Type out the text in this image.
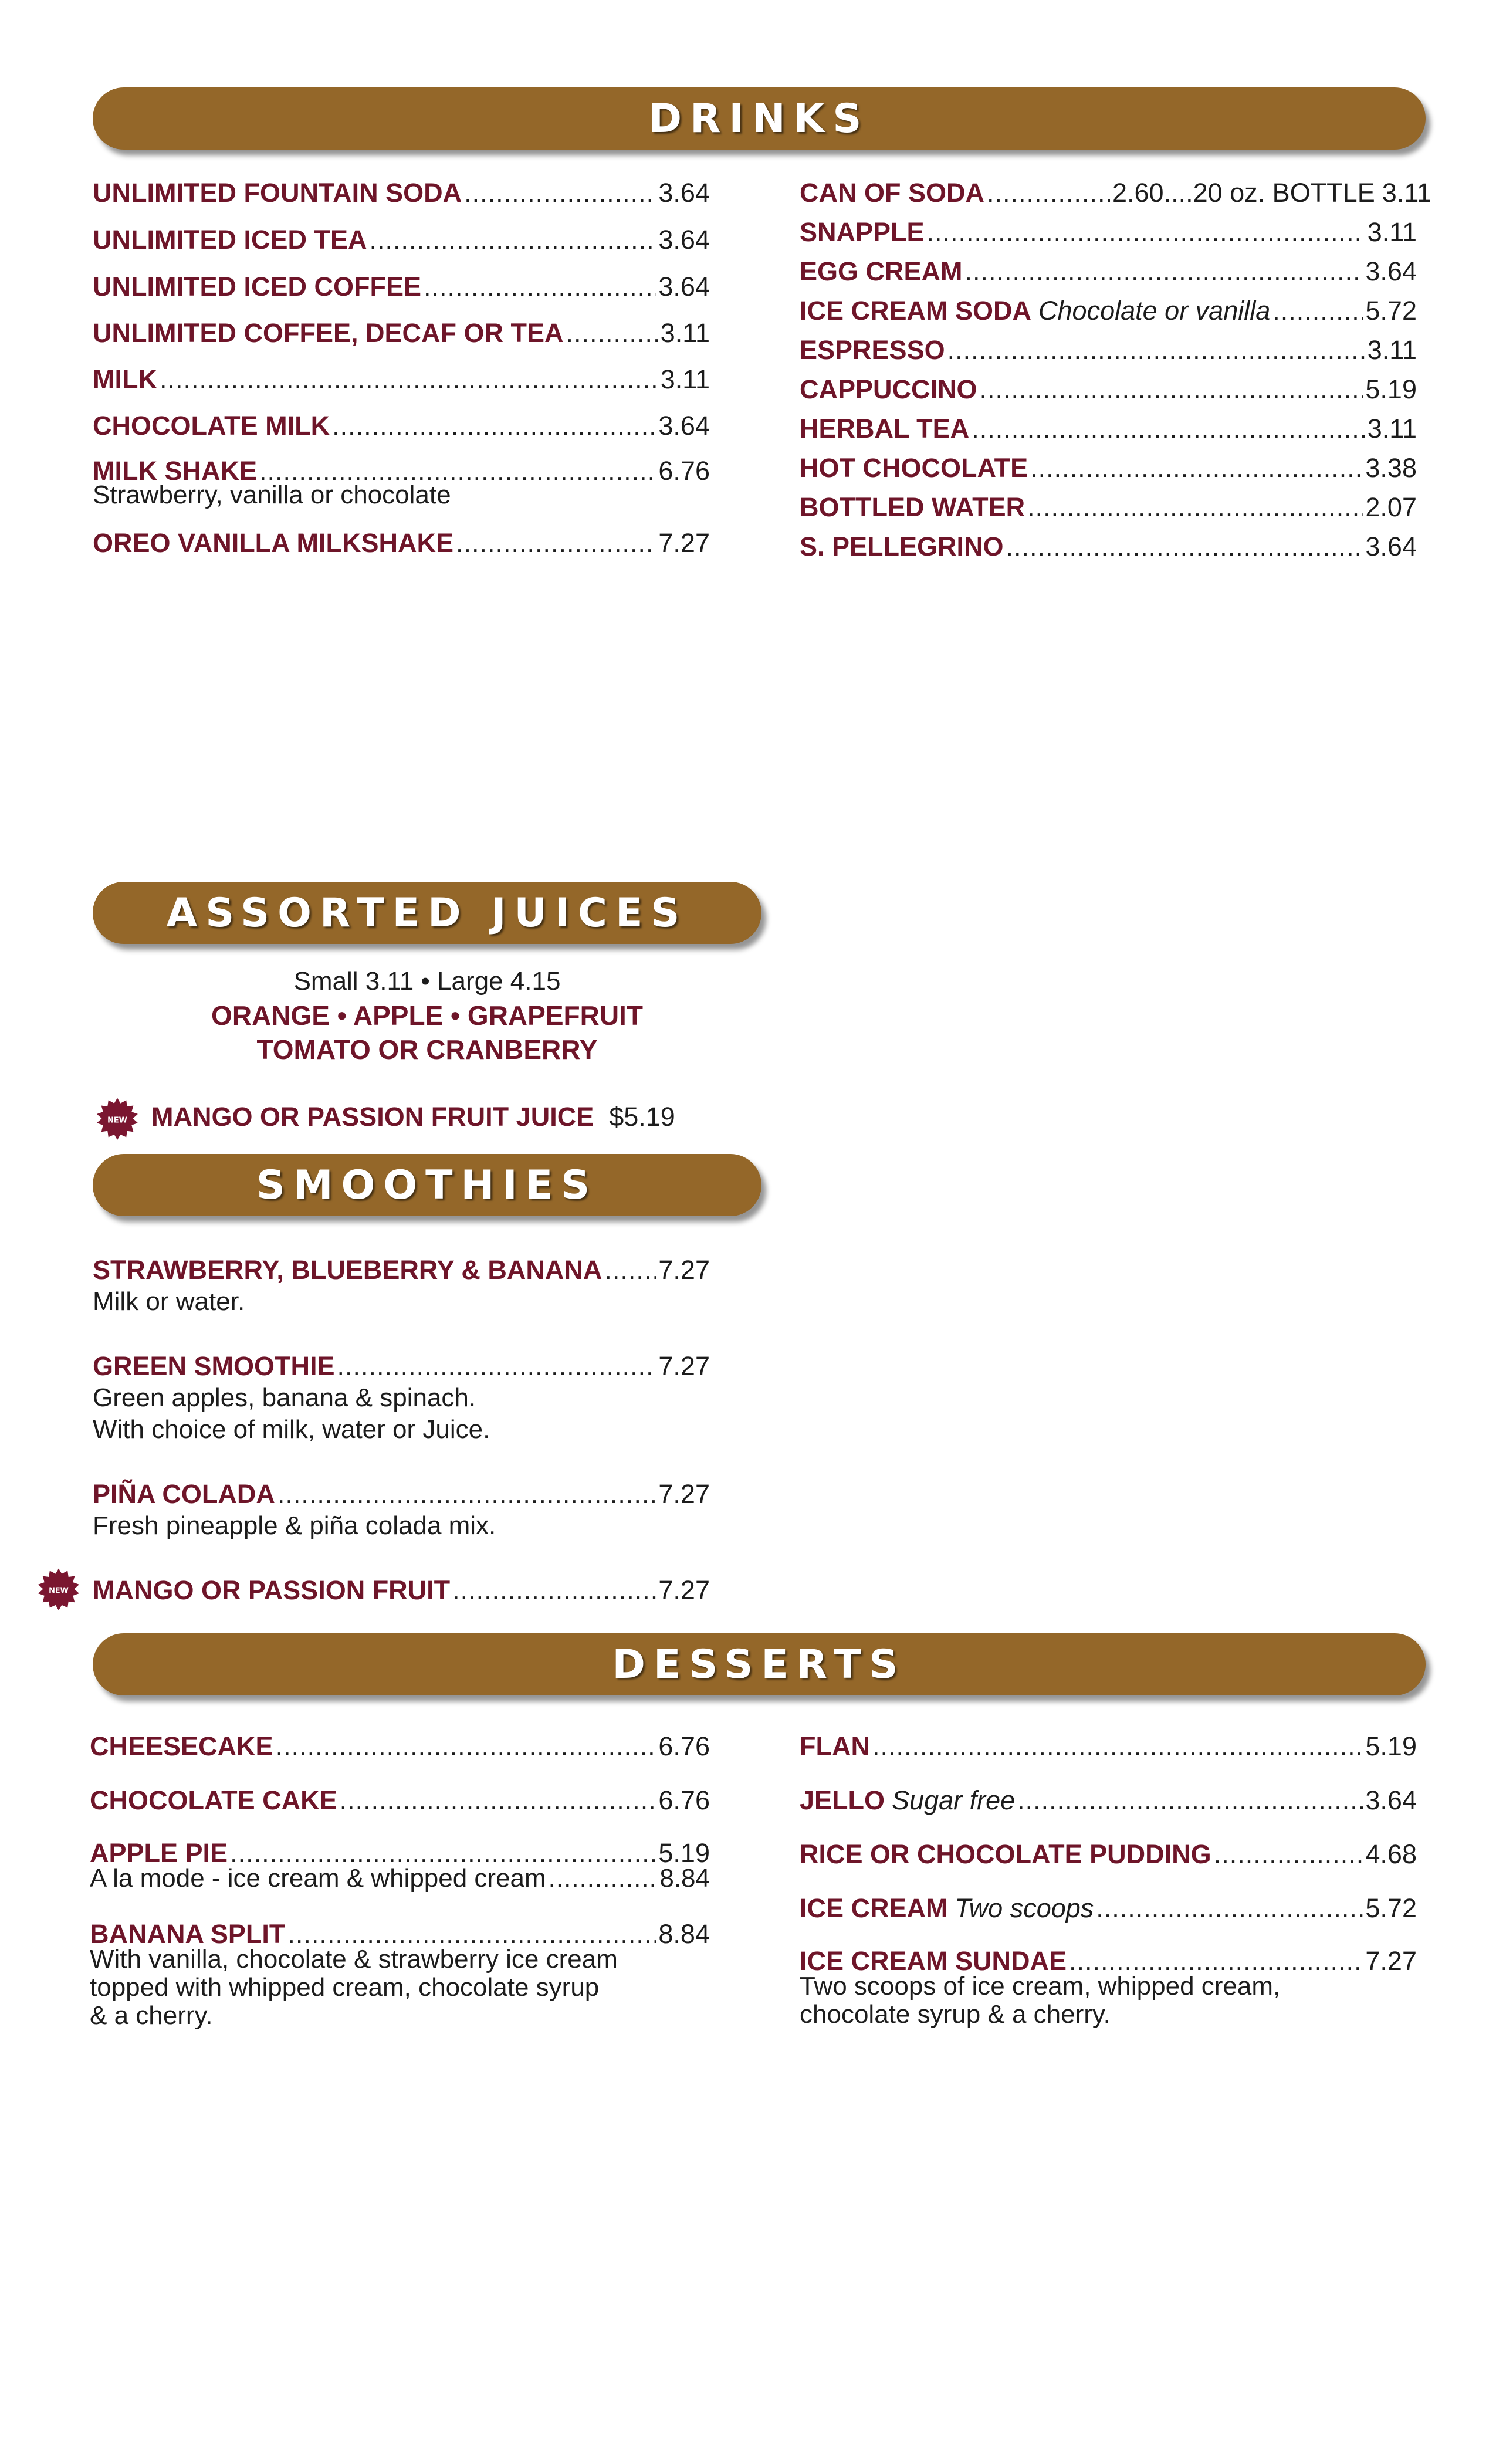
DRINKS
UNLIMITED FOUNTAIN SODA .....	3.64
UNLIMITED ICED TEA .....	3.64
UNLIMITED ICED COFFEE .....	3.64
UNLIMITED COFFEE, DECAF OR TEA .....	3.11
MILK .....	3.11
CHOCOLATE MILK .....	3.64
MILK SHAKE .....	6.76
Strawberry, vanilla or chocolate
OREO VANILLA MILKSHAKE .....	7.27
CAN OF SODA .....	2.60....20 oz. BOTTLE 3.11
SNAPPLE .....	3.11
EGG CREAM .....	3.64
ICE CREAM SODA Chocolate or vanilla .....	5.72
ESPRESSO .....	3.11
CAPPUCCINO .....	5.19
HERBAL TEA .....	3.11
HOT CHOCOLATE .....	3.38
BOTTLED WATER .....	2.07
S. PELLEGRINO .....	3.64
ASSORTED JUICES
Small 3.11 • Large 4.15
ORANGE • APPLE • GRAPEFRUIT
TOMATO OR CRANBERRY
NEW MANGO OR PASSION FRUIT JUICE $5.19
SMOOTHIES
STRAWBERRY, BLUEBERRY & BANANA ..... 7.27
Milk or water.
GREEN SMOOTHIE .....	7.27
Green apples, banana & spinach.
With choice of milk, water or Juice.
PIÑA COLADA .....	7.27
Fresh pineapple & piña colada mix.
MANGO OR PASSION FRUIT .....	7.27
NEW
DESSERTS
CHEESECAKE .....	6.76
CHOCOLATE CAKE .....	6.76
APPLE PIE .....	5.19
A la mode - ice cream & whipped cream .....	8.84
BANANA SPLIT .....	8.84
With vanilla, chocolate & strawberry ice cream
topped with whipped cream, chocolate syrup
& a cherry.
FLAN .....	5.19
JELLO Sugar free .....	3.64
RICE OR CHOCOLATE PUDDING .....	4.68
ICE CREAM Two scoops .....	5.72
ICE CREAM SUNDAE .....	7.27
Two scoops of ice cream, whipped cream,
chocolate syrup & a cherry.
